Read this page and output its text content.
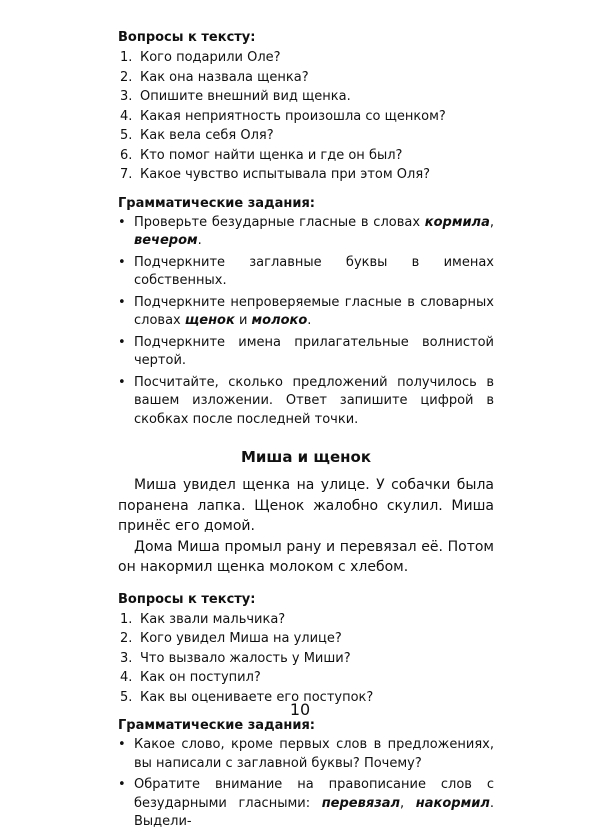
Вопросы к тексту:
1. Кого подарили Оле?
2. Как она назвала щенка?
3. Опишите внешний вид щенка.
4. Какая неприятность произошла со щенком?
5. Как вела себя Оля?
6. Кто помог найти щенка и где он был?
7. Какое чувство испытывала при этом Оля?
Грамматические задания:
• Проверьте безударные гласные в словах кормила, вечером.
• Подчеркните заглавные буквы в именах собственных.
• Подчеркните непроверяемые гласные в словарных словах щенок и молоко.
• Подчеркните имена прилагательные волнистой чертой.
• Посчитайте, сколько предложений получилось в вашем изложении. Ответ запишите цифрой в скобках после последней точки.
Миша и щенок

Миша увидел щенка на улице. У собачки была поранена лапка. Щенок жалобно скулил. Миша принёс его домой.

Дома Миша промыл рану и перевязал её. Потом он накормил щенка молоком с хлебом.

Вопросы к тексту:
1. Как звали мальчика?
2. Кого увидел Миша на улице?
3. Что вызвало жалость у Миши?
4. Как он поступил?
5. Как вы оцениваете его поступок?
Грамматические задания:
• Какое слово, кроме первых слов в предложениях, вы написали с заглавной буквы? Почему?
• Обратите внимание на правописание слов с безударными гласными: перевязал, накормил. Выдели-
10
